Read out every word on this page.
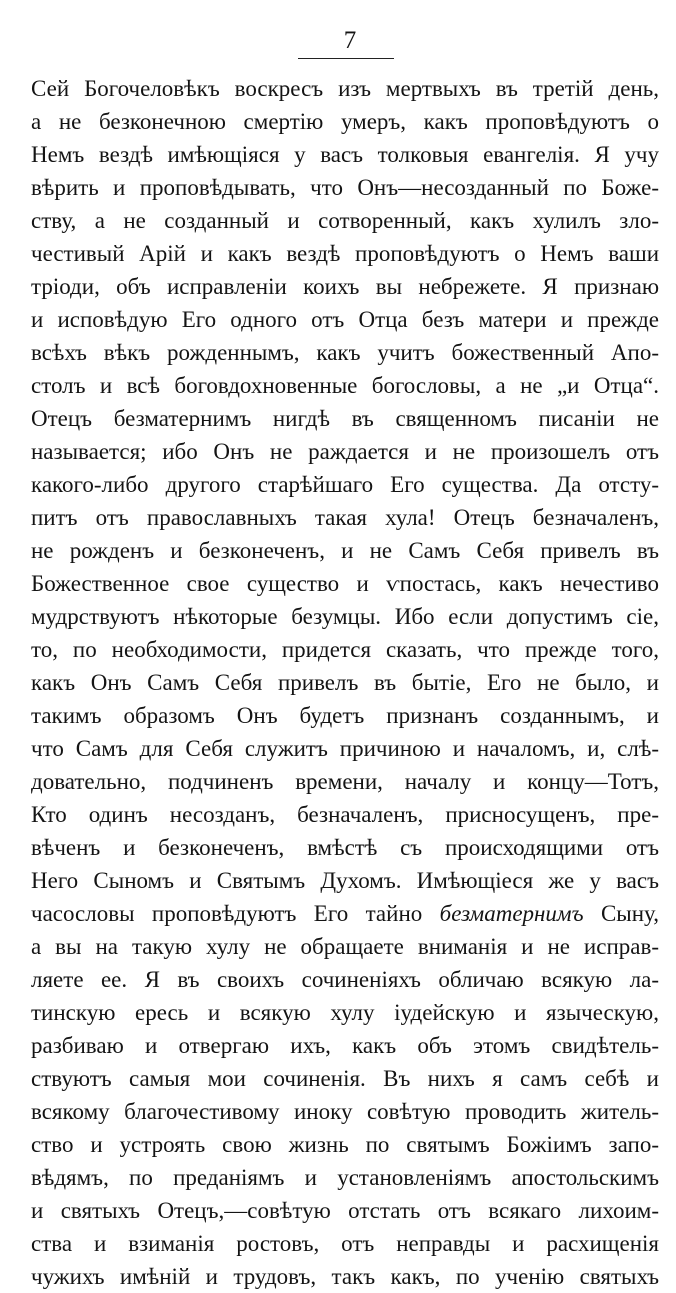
7
Сей Богочеловѣкъ воскресъ изъ мертвыхъ въ третій день,
а не безконечною смертію умеръ, какъ проповѣдуютъ о
Немъ вездѣ имѣющіяся у васъ толковыя евангелія. Я учу
вѣрить и проповѣдывать, что Онъ—несозданный по Боже-
ству, а не созданный и сотворенный, какъ хулилъ зло-
честивый Арій и какъ вездѣ проповѣдуютъ о Немъ ваши
тріоди, объ исправленіи коихъ вы небрежете. Я признаю
и исповѣдую Его одного отъ Отца безъ матери и прежде
всѣхъ вѣкъ рожденнымъ, какъ учитъ божественный Апо-
столъ и всѣ боговдохновенные богословы, а не „и Отца“.
Отецъ безматернимъ нигдѣ въ священномъ писаніи не
называется; ибо Онъ не раждается и не произошелъ отъ
какого-либо другого старѣйшаго Его существа. Да отсту-
питъ отъ православныхъ такая хула! Отецъ безначаленъ,
не рожденъ и безконеченъ, и не Самъ Себя привелъ въ
Божественное свое существо и ѵпостась, какъ нечестиво
мудрствуютъ нѣкоторые безумцы. Ибо если допустимъ сіе,
то, по необходимости, придется сказать, что прежде того,
какъ Онъ Самъ Себя привелъ въ бытіе, Его не было, и
такимъ образомъ Онъ будетъ признанъ созданнымъ, и
что Самъ для Себя служитъ причиною и началомъ, и, слѣ-
довательно, подчиненъ времени, началу и концу—Тотъ,
Кто одинъ несозданъ, безначаленъ, присносущенъ, пре-
вѣченъ и безконеченъ, вмѣстѣ съ происходящими отъ
Него Сыномъ и Святымъ Духомъ. Имѣющіеся же у васъ
часословы проповѣдуютъ Его тайно безматернимъ Сыну,
а вы на такую хулу не обращаете вниманія и не исправ-
ляете ее. Я въ своихъ сочиненіяхъ обличаю всякую ла-
тинскую ересь и всякую хулу іудейскую и языческую,
разбиваю и отвергаю ихъ, какъ объ этомъ свидѣтель-
ствуютъ самыя мои сочиненія. Въ нихъ я самъ себѣ и
всякому благочестивому иноку совѣтую проводить житель-
ство и устроять свою жизнь по святымъ Божіимъ запо-
вѣдямъ, по преданіямъ и установленіямъ апостольскимъ
и святыхъ Отецъ,—совѣтую отстать отъ всякаго лихоим-
ства и взиманія ростовъ, отъ неправды и расхищенія
чужихъ имѣній и трудовъ, такъ какъ, по ученію святыхъ
